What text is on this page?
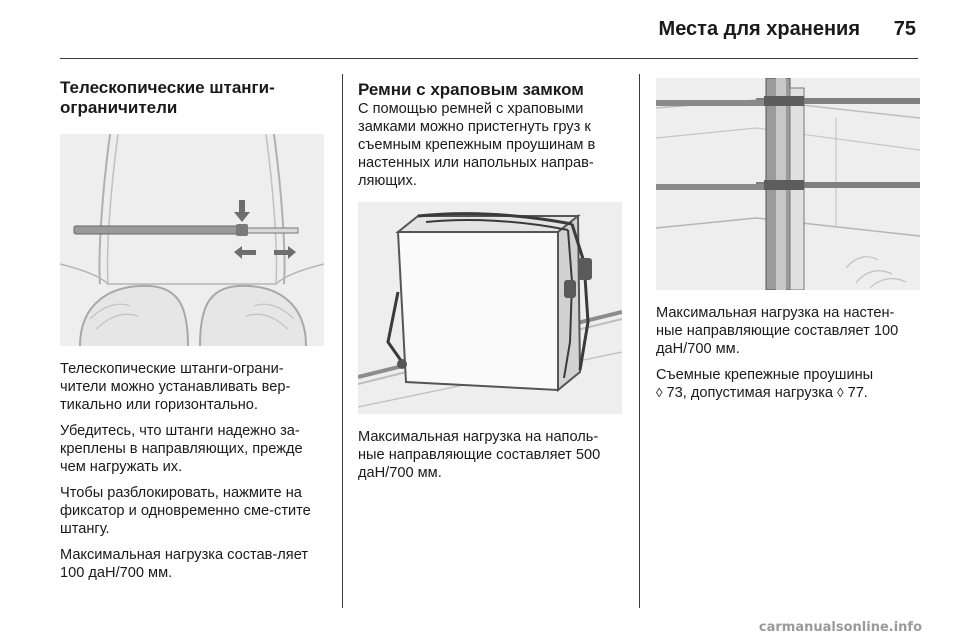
Места для хранения	75
Телескопические штанги-ограничители

Телескопические штанги-ограни-чители можно устанавливать вер-тикально или горизонтально.

Убедитесь, что штанги надежно за-креплены в направляющих, прежде чем нагружать их.

Чтобы разблокировать, нажмите на фиксатор и одновременно сме-стите штангу.

Максимальная нагрузка состав-ляет 100 даН/700 мм.

Ремни с храповым замком

С помощью ремней с храповыми замками можно пристегнуть груз к съемным крепежным проушинам в настенных или напольных направ-ляющих.

Максимальная нагрузка на наполь-ные направляющие составляет 500 даН/700 мм.

Максимальная нагрузка на настен-ные направляющие составляет 100 даН/700 мм.

Съемные крепежные проушины
◊ 73, допустимая нагрузка ◊ 77.

carmanualsonline.info
